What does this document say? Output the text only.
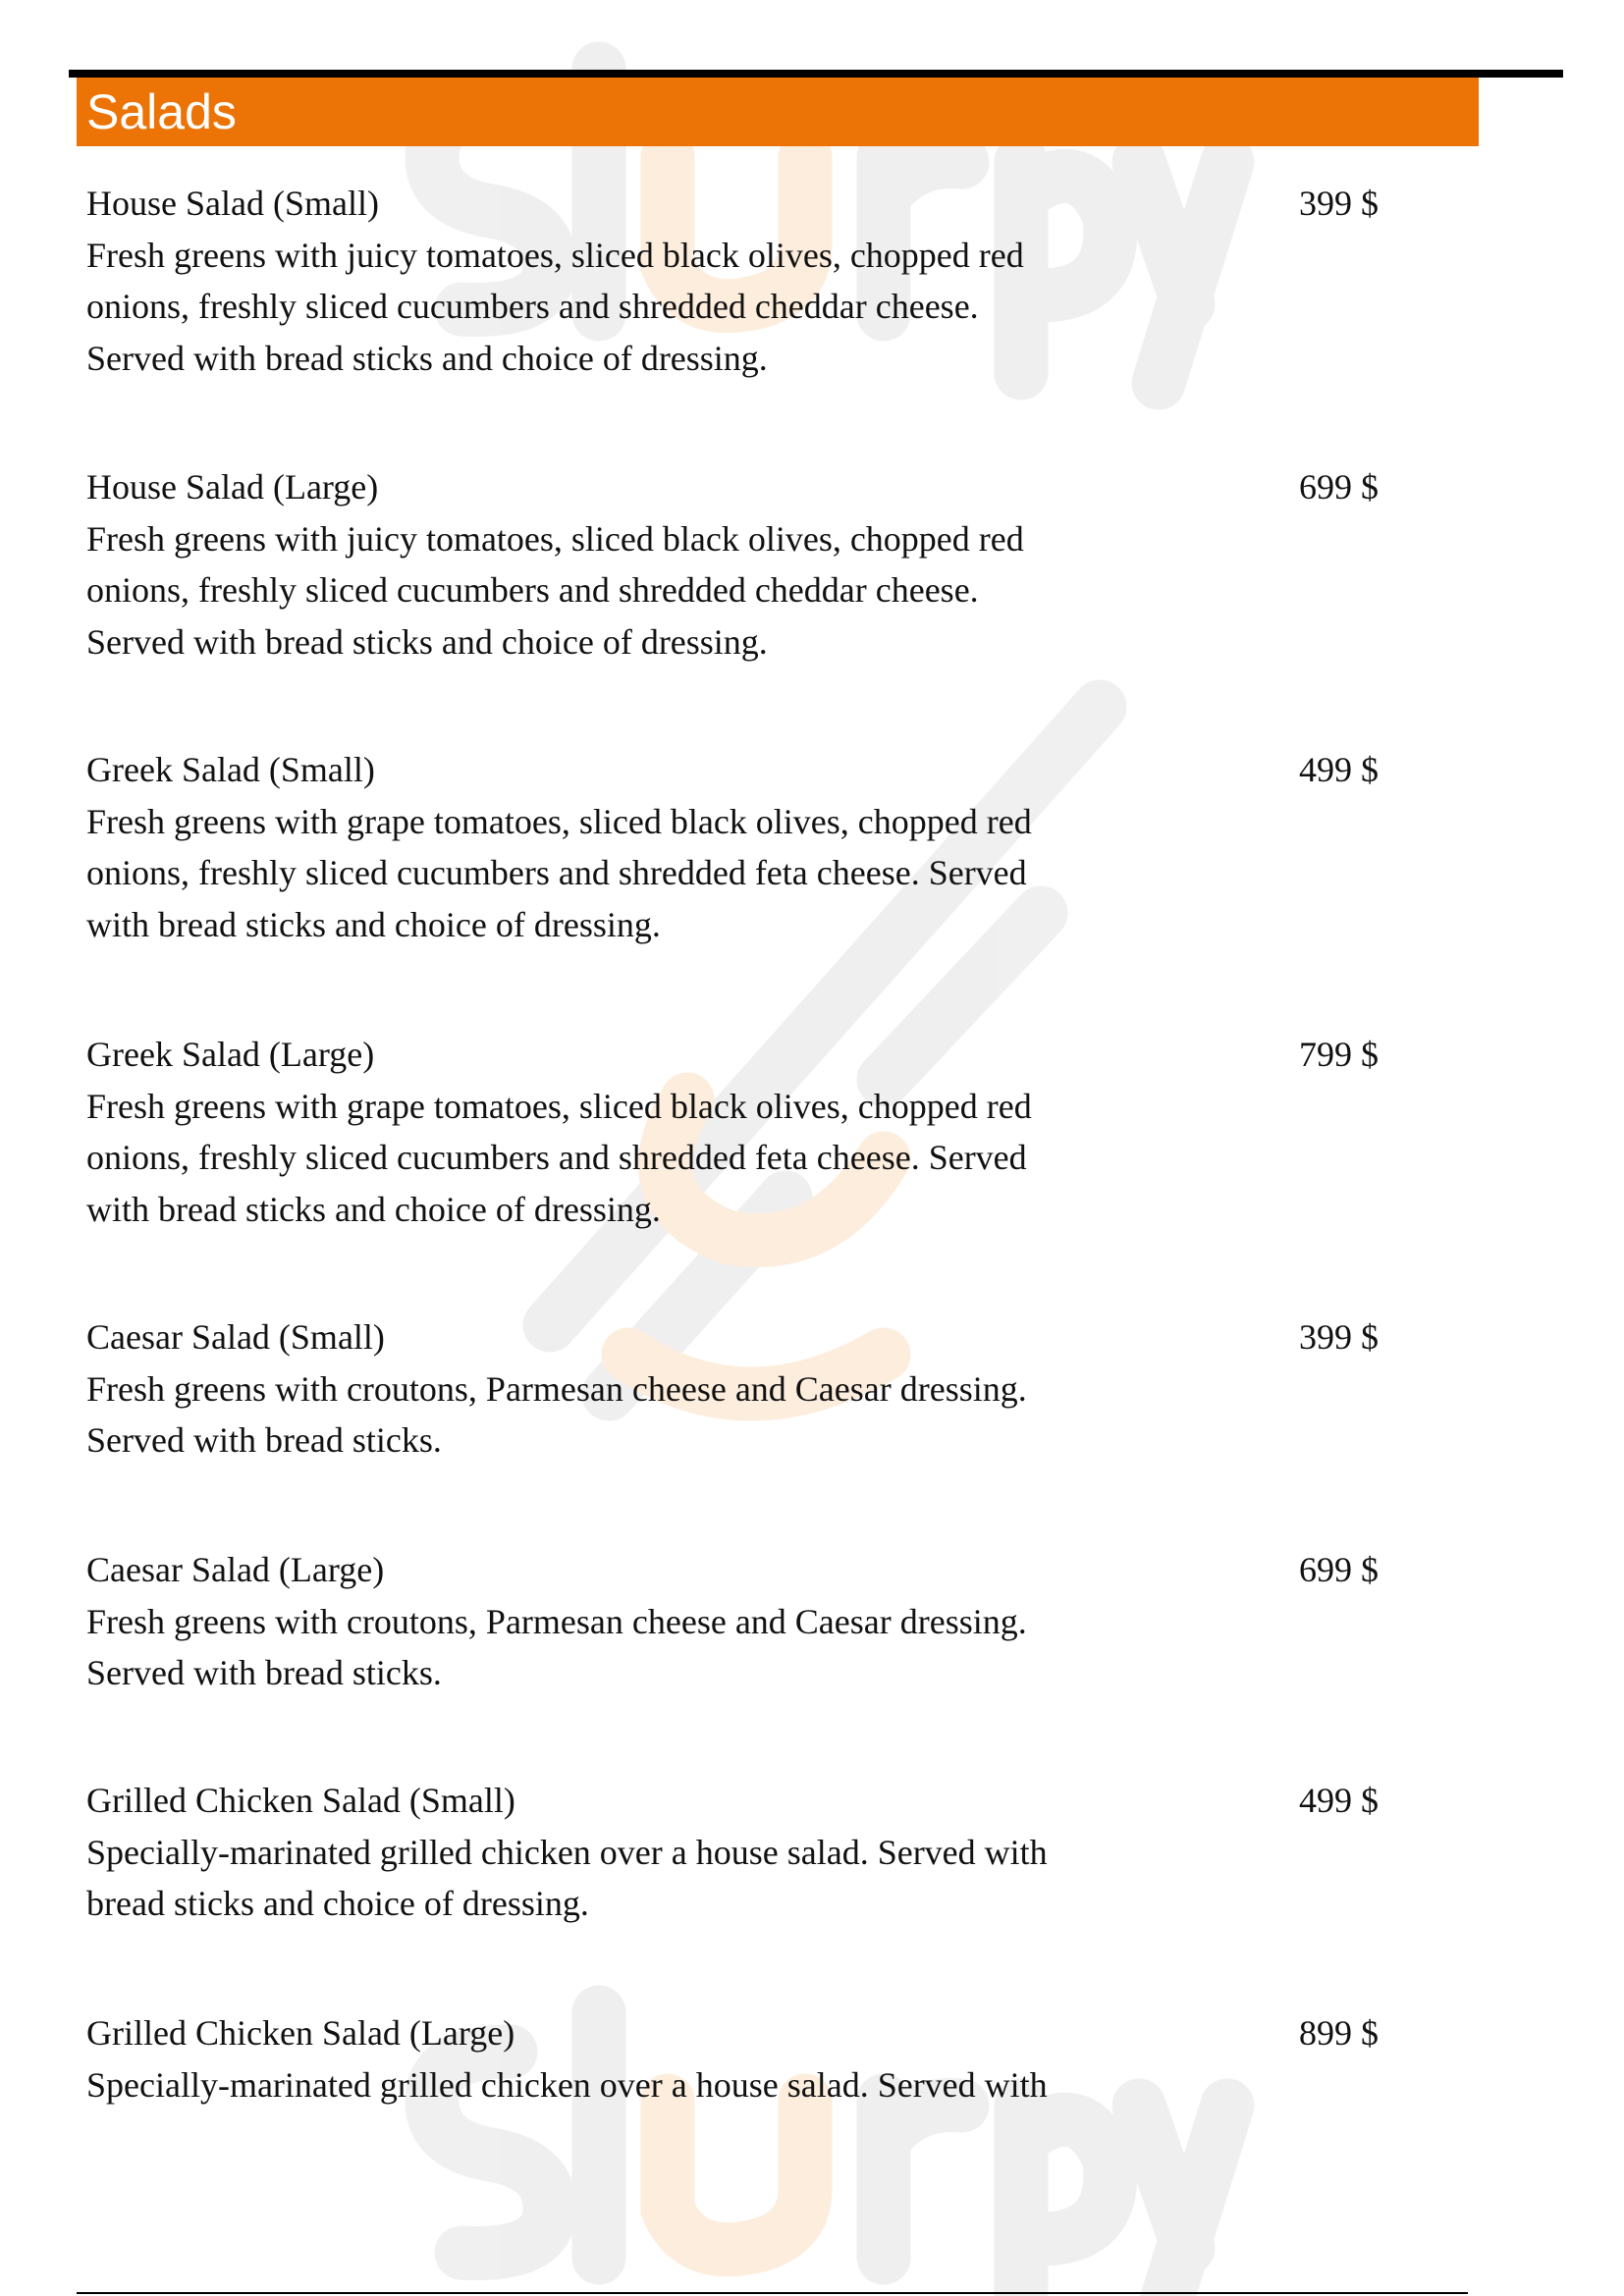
Salads
House Salad (Small)	399 $
Fresh greens with juicy tomatoes, sliced black olives, chopped red
onions, freshly sliced cucumbers and shredded cheddar cheese.
Served with bread sticks and choice of dressing.
House Salad (Large)	699 $
Fresh greens with juicy tomatoes, sliced black olives, chopped red
onions, freshly sliced cucumbers and shredded cheddar cheese.
Served with bread sticks and choice of dressing.
Greek Salad (Small)	499 $
Fresh greens with grape tomatoes, sliced black olives, chopped red
onions, freshly sliced cucumbers and shredded feta cheese. Served
with bread sticks and choice of dressing.
Greek Salad (Large)	799 $
Fresh greens with grape tomatoes, sliced black olives, chopped red
onions, freshly sliced cucumbers and shredded feta cheese. Served
with bread sticks and choice of dressing.
Caesar Salad (Small)	399 $
Fresh greens with croutons, Parmesan cheese and Caesar dressing.
Served with bread sticks.
Caesar Salad (Large)	699 $
Fresh greens with croutons, Parmesan cheese and Caesar dressing.
Served with bread sticks.
Grilled Chicken Salad (Small)	499 $
Specially-marinated grilled chicken over a house salad. Served with
bread sticks and choice of dressing.
Grilled Chicken Salad (Large)	899 $
Specially-marinated grilled chicken over a house salad. Served with
